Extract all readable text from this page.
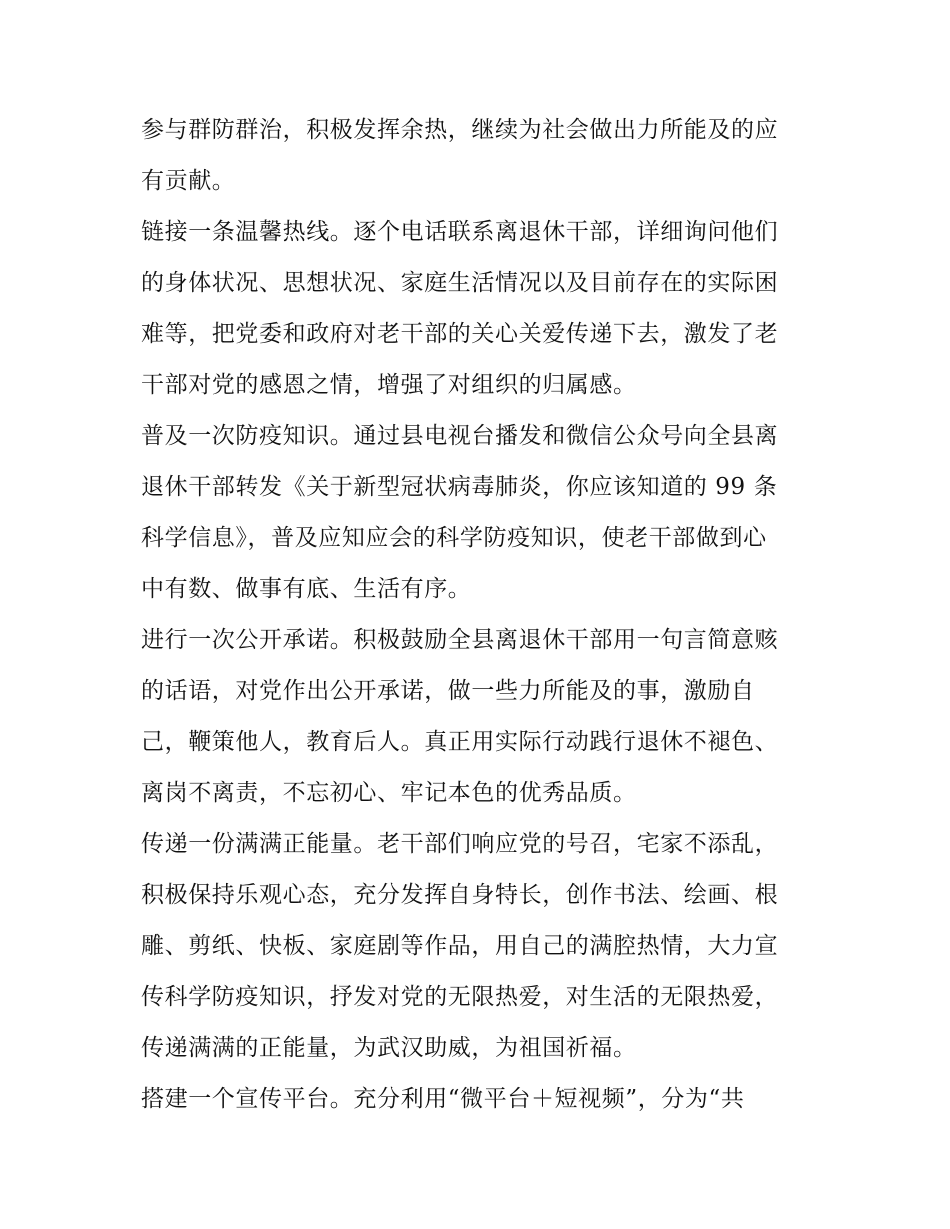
参与群防群治，积极发挥余热，继续为社会做出力所能及的应
有贡献。
链接一条温馨热线。逐个电话联系离退休干部，详细询问他们
的身体状况、思想状况、家庭生活情况以及目前存在的实际困
难等，把党委和政府对老干部的关心关爱传递下去，激发了老
干部对党的感恩之情，增强了对组织的归属感。
普及一次防疫知识。通过县电视台播发和微信公众号向全县离
退休干部转发《关于新型冠状病毒肺炎，你应该知道的 99 条
科学信息》，普及应知应会的科学防疫知识，使老干部做到心
中有数、做事有底、生活有序。
进行一次公开承诺。积极鼓励全县离退休干部用一句言简意赅
的话语，对党作出公开承诺，做一些力所能及的事，激励自
己，鞭策他人，教育后人。真正用实际行动践行退休不褪色、
离岗不离责，不忘初心、牢记本色的优秀品质。
传递一份满满正能量。老干部们响应党的号召，宅家不添乱，
积极保持乐观心态，充分发挥自身特长，创作书法、绘画、根
雕、剪纸、快板、家庭剧等作品，用自己的满腔热情，大力宣
传科学防疫知识，抒发对党的无限热爱，对生活的无限热爱，
传递满满的正能量，为武汉助威，为祖国祈福。
搭建一个宣传平台。充分利用“微平台＋短视频”，分为“共
